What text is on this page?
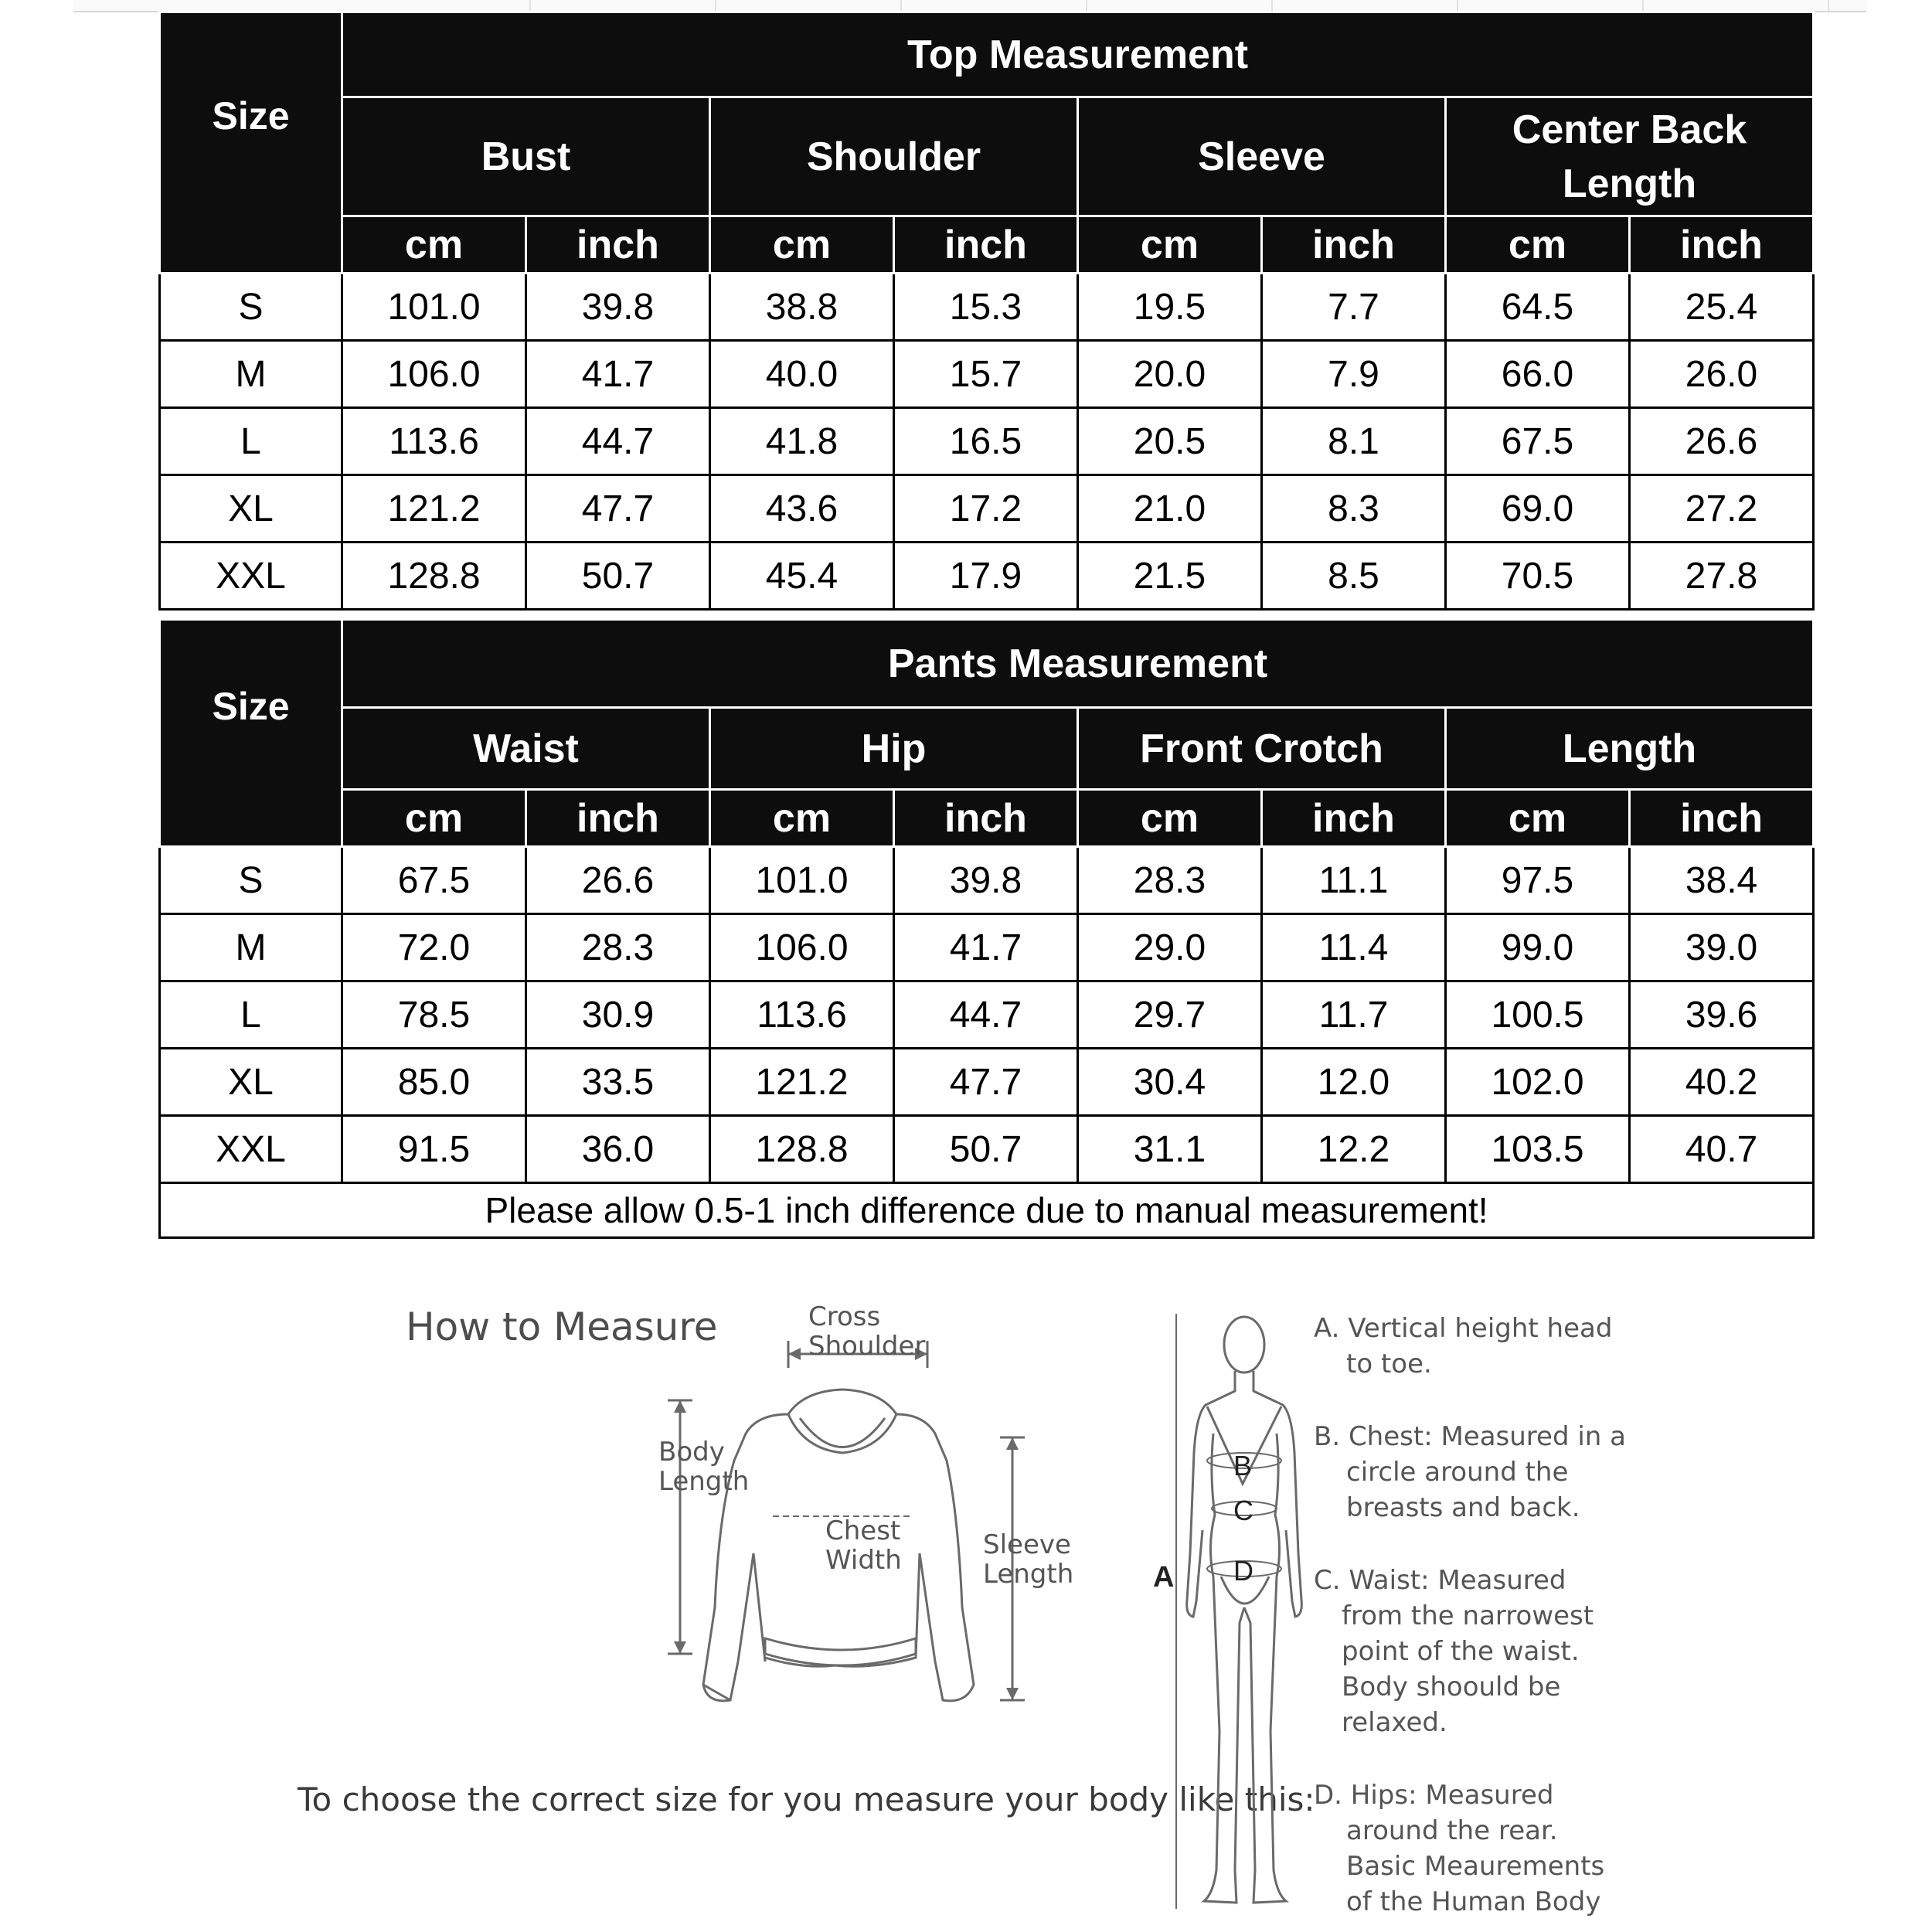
Size	Top Measurement							
	Bust		Shoulder		Sleeve		Center Back Length	
	cm	inch	cm	inch	cm	inch	cm	inch
S	101.0	39.8	38.8	15.3	19.5	7.7	64.5	25.4
M	106.0	41.7	40.0	15.7	20.0	7.9	66.0	26.0
L	113.6	44.7	41.8	16.5	20.5	8.1	67.5	26.6
XL	121.2	47.7	43.6	17.2	21.0	8.3	69.0	27.2
XXL	128.8	50.7	45.4	17.9	21.5	8.5	70.5	27.8
Size	Pants Measurement							
	Waist		Hip		Front Crotch		Length	
	cm	inch	cm	inch	cm	inch	cm	inch
S	67.5	26.6	101.0	39.8	28.3	11.1	97.5	38.4
M	72.0	28.3	106.0	41.7	29.0	11.4	99.0	39.0
L	78.5	30.9	113.6	44.7	29.7	11.7	100.5	39.6
XL	85.0	33.5	121.2	47.7	30.4	12.0	102.0	40.2
XXL	91.5	36.0	128.8	50.7	31.1	12.2	103.5	40.7
Please allow 0.5-1 inch difference due to manual measurement!								
How to Measure
To choose the correct size for you measure your body like this:
Cross
Shoulder
Body
Length
Chest
Width	Sleeve
Length	A
B
C
D
A. Vertical height head
to toe.
B. Chest: Measured in a
circle around the
breasts and back.
C. Waist: Measured
from the narrowest
point of the waist.
Body shoould be
relaxed.
D. Hips: Measured
around the rear.
Basic Meaurements
of the Human Body
